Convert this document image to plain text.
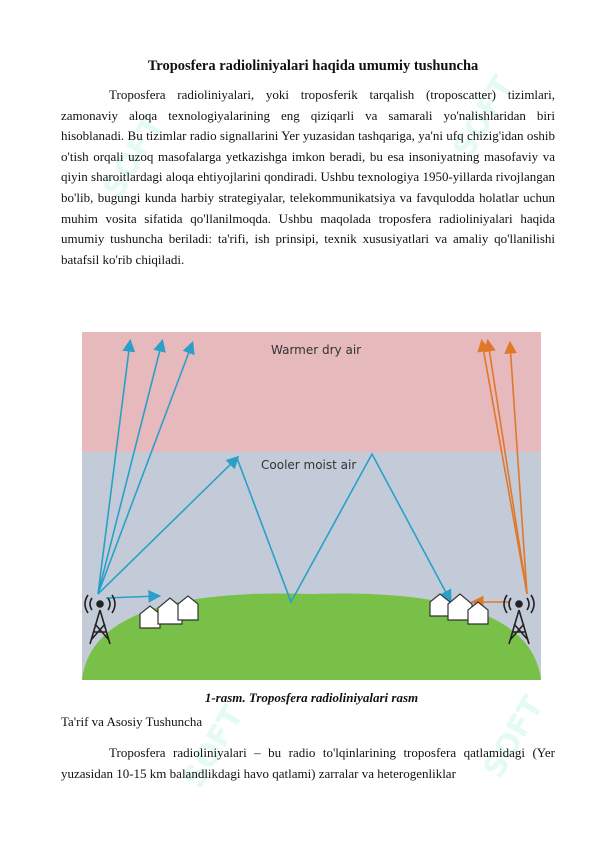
SOFT	SOFT
SOFT	SOFT
Troposfera radioliniyalari haqida umumiy tushuncha

Troposfera radioliniyalari, yoki troposferik tarqalish (troposcatter) tizimlari, zamonaviy aloqa texnologiyalarining eng qiziqarli va samarali yo'nalishlaridan biri hisoblanadi. Bu tizimlar radio signallarini Yer yuzasidan tashqariga, ya'ni ufq chizig'idan oshib o'tish orqali uzoq masofalarga yetkazishga imkon beradi, bu esa insoniyatning masofaviy va qiyin sharoitlardagi aloqa ehtiyojlarini qondiradi. Ushbu texnologiya 1950-yillarda rivojlangan bo'lib, bugungi kunda harbiy strategiyalar, telekommunikatsiya va favqulodda holatlar uchun muhim vosita sifatida qo'llanilmoqda. Ushbu maqolada troposfera radioliniyalari haqida umumiy tushuncha beriladi: ta'rifi, ish prinsipi, texnik xususiyatlari va amaliy qo'llanilishi batafsil ko'rib chiqiladi.

Warmer dry air
Cooler moist air
1-rasm. Troposfera radioliniyalari rasm
Ta'rif va Asosiy Tushuncha

Troposfera radioliniyalari – bu radio to'lqinlarining troposfera qatlamidagi (Yer yuzasidan 10-15 km balandlikdagi havo qatlami) zarralar va heterogenliklar
